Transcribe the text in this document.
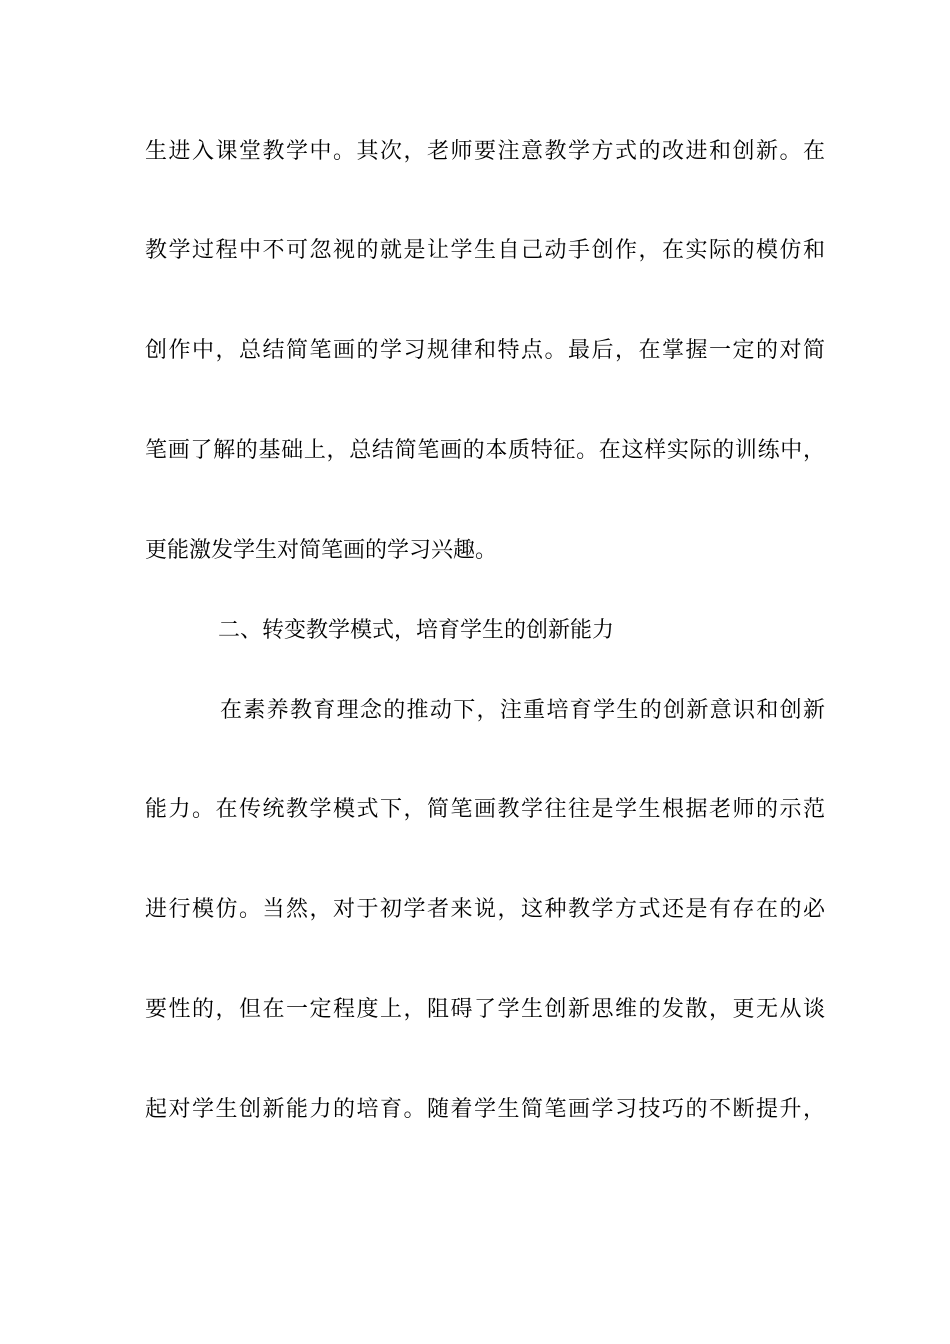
生进入课堂教学中。其次，老师要注意教学方式的改进和创新。在
教学过程中不可忽视的就是让学生自己动手创作，在实际的模仿和
创作中，总结简笔画的学习规律和特点。最后，在掌握一定的对简
笔画了解的基础上，总结简笔画的本质特征。在这样实际的训练中，
更能激发学生对简笔画的学习兴趣。
二、转变教学模式，培育学生的创新能力
在素养教育理念的推动下，注重培育学生的创新意识和创新
能力。在传统教学模式下，简笔画教学往往是学生根据老师的示范
进行模仿。当然，对于初学者来说，这种教学方式还是有存在的必
要性的，但在一定程度上，阻碍了学生创新思维的发散，更无从谈
起对学生创新能力的培育。随着学生简笔画学习技巧的不断提升，
